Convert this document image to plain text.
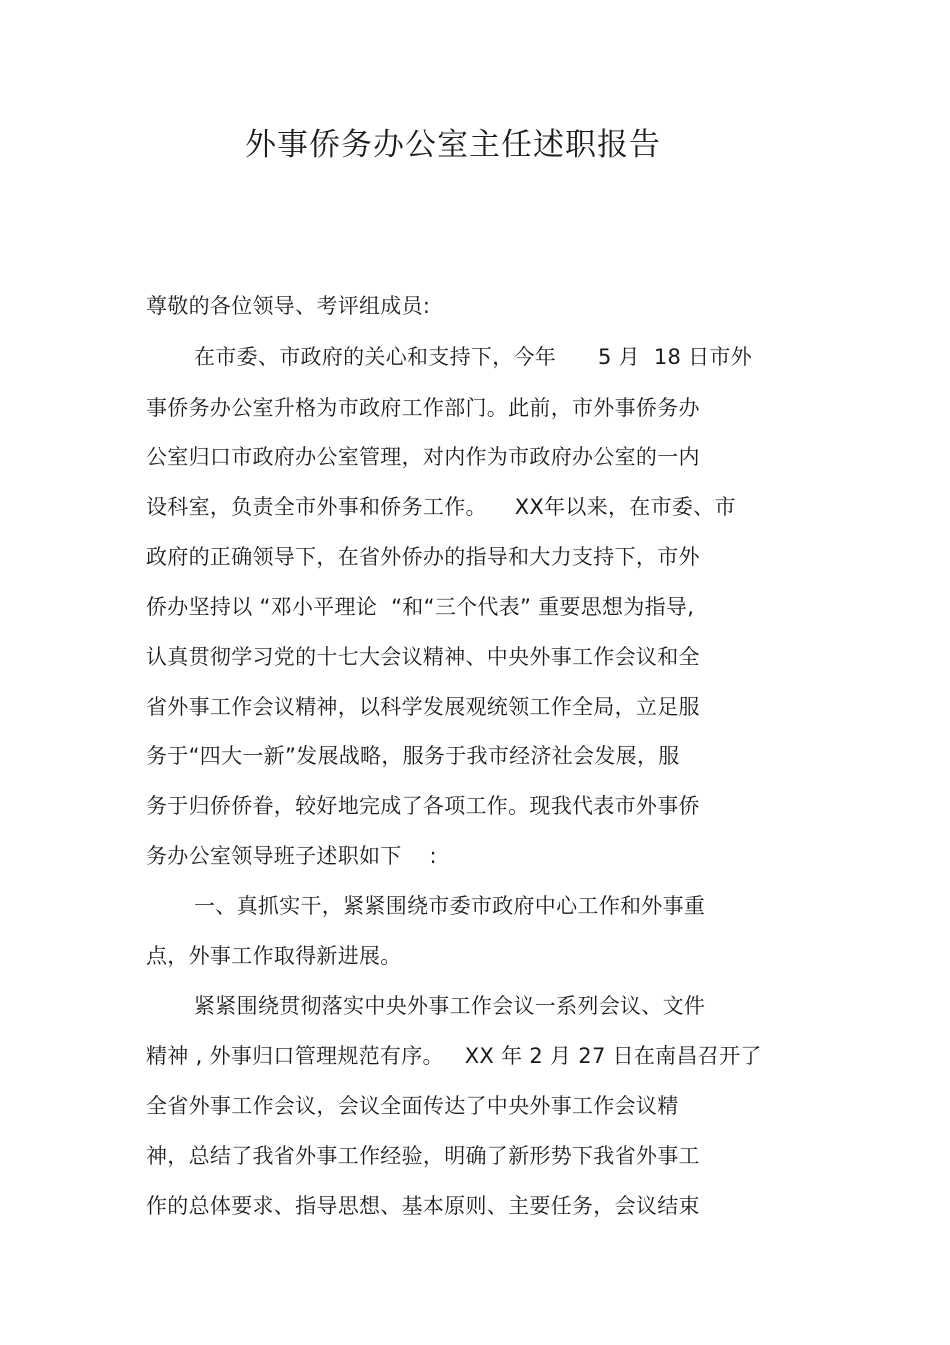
外事侨务办公室主任述职报告
尊敬的各位领导、考评组成员:
在市委、市政府的关心和支持下，今年      5 月  18 日市外
事侨务办公室升格为市政府工作部门。此前，市外事侨务办
公室归口市政府办公室管理，对内作为市政府办公室的一内
设科室，负责全市外事和侨务工作。    XX年以来，在市委、市
政府的正确领导下，在省外侨办的指导和大力支持下，市外
侨办坚持以 “邓小平理论  “和“三个代表” 重要思想为指导,
认真贯彻学习党的十七大会议精神、中央外事工作会议和全
省外事工作会议精神，以科学发展观统领工作全局，立足服
务于“四大一新”发展战略，服务于我市经济社会发展，服
务于归侨侨眷，较好地完成了各项工作。现我代表市外事侨
务办公室领导班子述职如下    :
一、真抓实干，紧紧围绕市委市政府中心工作和外事重
点，外事工作取得新进展。
紧紧围绕贯彻落实中央外事工作会议一系列会议、文件
精神 , 外事归口管理规范有序。   XX 年 2 月 27 日在南昌召开了
全省外事工作会议，会议全面传达了中央外事工作会议精
神，总结了我省外事工作经验，明确了新形势下我省外事工
作的总体要求、指导思想、基本原则、主要任务，会议结束
